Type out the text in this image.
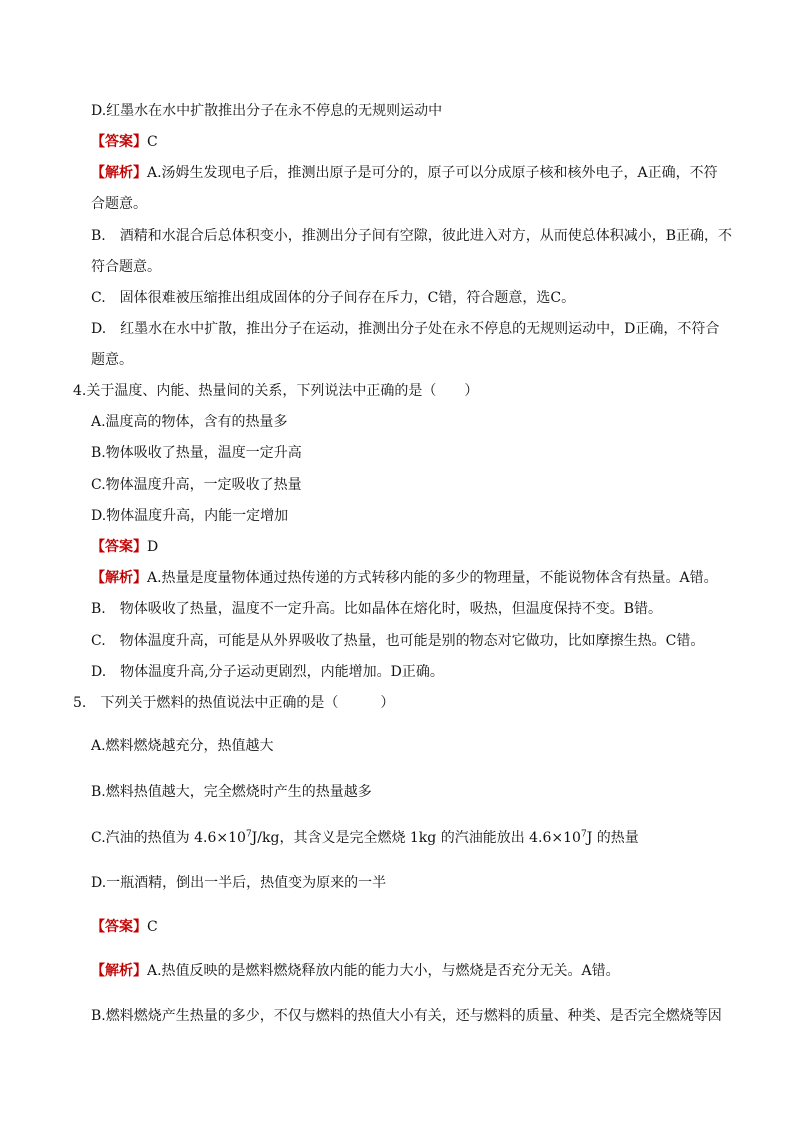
D.红墨水在水中扩散推出分子在永不停息的无规则运动中
【答案】C
【解析】A.汤姆生发现电子后，推测出原子是可分的，原子可以分成原子核和核外电子，A正确，不符
合题意。
B.　酒精和水混合后总体积变小，推测出分子间有空隙，彼此进入对方，从而使总体积减小，B正确，不
符合题意。
C.　固体很难被压缩推出组成固体的分子间存在斥力，C错，符合题意，选C。
D.　红墨水在水中扩散，推出分子在运动，推测出分子处在永不停息的无规则运动中，D正确，不符合
题意。
4.关于温度、内能、热量间的关系，下列说法中正确的是（　　）
A.温度高的物体，含有的热量多
B.物体吸收了热量，温度一定升高
C.物体温度升高，一定吸收了热量
D.物体温度升高，内能一定增加
【答案】D
【解析】A.热量是度量物体通过热传递的方式转移内能的多少的物理量，不能说物体含有热量。A错。
B.　物体吸收了热量，温度不一定升高。比如晶体在熔化时，吸热，但温度保持不变。B错。
C.　物体温度升高，可能是从外界吸收了热量，也可能是别的物态对它做功，比如摩擦生热。C错。
D.　物体温度升高,分子运动更剧烈，内能增加。D正确。
5.　下列关于燃料的热值说法中正确的是（　　　）
A.燃料燃烧越充分，热值越大
B.燃料热值越大，完全燃烧时产生的热量越多
C.汽油的热值为 $4.6\times 10^7J/kg$，其含义是完全燃烧 1kg 的汽油能放出 $4.6\times 10^7J$ 的热量
D.一瓶酒精，倒出一半后，热值变为原来的一半
【答案】C
【解析】A.热值反映的是燃料燃烧释放内能的能力大小，与燃烧是否充分无关。A错。
B.燃料燃烧产生热量的多少，不仅与燃料的热值大小有关，还与燃料的质量、种类、是否完全燃烧等因
